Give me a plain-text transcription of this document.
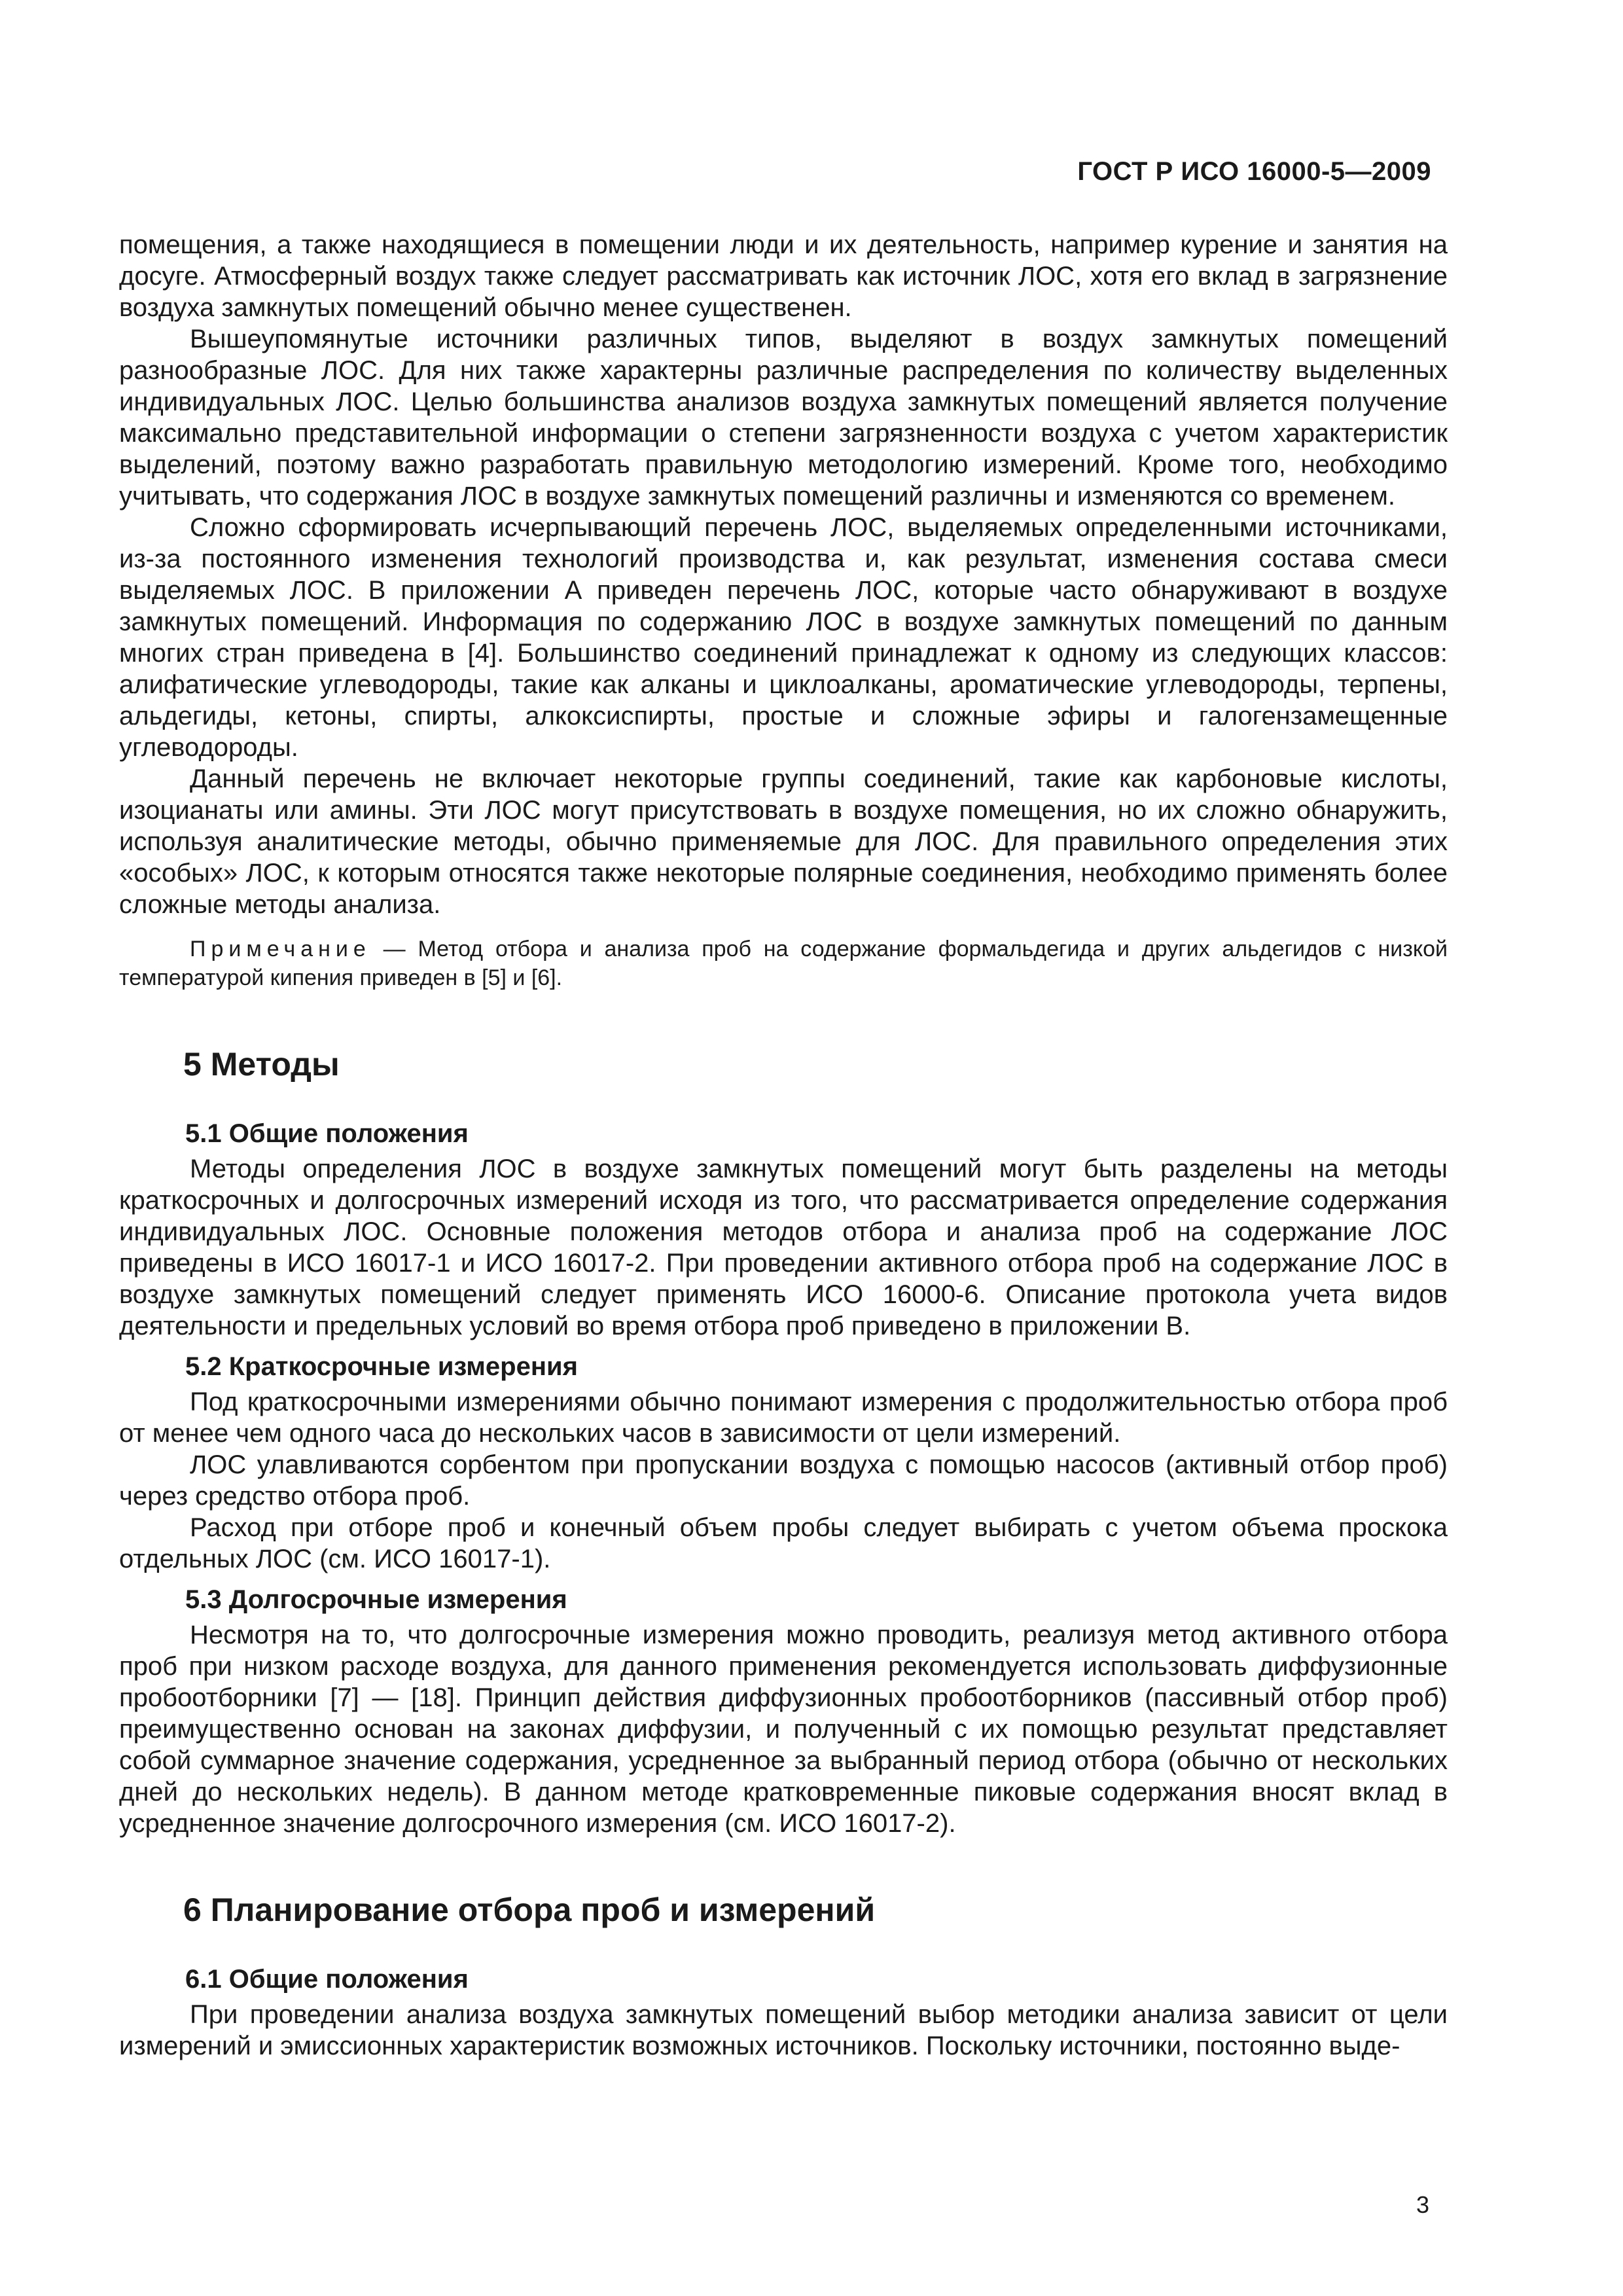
ГОСТ Р ИСО 16000-5—2009

помещения, а также находящиеся в помещении люди и их деятельность, например курение и занятия на досуге. Атмосферный воздух также следует рассматривать как источник ЛОС, хотя его вклад в загрязнение воздуха замкнутых помещений обычно менее существенен.

Вышеупомянутые источники различных типов, выделяют в воздух замкнутых помещений разнообразные ЛОС. Для них также характерны различные распределения по количеству выделенных индивидуальных ЛОС. Целью большинства анализов воздуха замкнутых помещений является получение максимально представительной информации о степени загрязненности воздуха с учетом характеристик выделений, поэтому важно разработать правильную методологию измерений. Кроме того, необходимо учитывать, что содержания ЛОС в воздухе замкнутых помещений различны и изменяются со временем.

Сложно сформировать исчерпывающий перечень ЛОС, выделяемых определенными источниками, из-за постоянного изменения технологий производства и, как результат, изменения состава смеси выделяемых ЛОС. В приложении А приведен перечень ЛОС, которые часто обнаруживают в воздухе замкнутых помещений. Информация по содержанию ЛОС в воздухе замкнутых помещений по данным многих стран приведена в [4]. Большинство соединений принадлежат к одному из следующих классов: алифатические углеводороды, такие как алканы и циклоалканы, ароматические углеводороды, терпены, альдегиды, кетоны, спирты, алкоксиспирты, простые и сложные эфиры и галогензамещенные углеводороды.

Данный перечень не включает некоторые группы соединений, такие как карбоновые кислоты, изоцианаты или амины. Эти ЛОС могут присутствовать в воздухе помещения, но их сложно обнаружить, используя аналитические методы, обычно применяемые для ЛОС. Для правильного определения этих «особых» ЛОС, к которым относятся также некоторые полярные соединения, необходимо применять более сложные методы анализа.

Примечание — Метод отбора и анализа проб на содержание формальдегида и других альдегидов с низкой температурой кипения приведен в [5] и [6].

5 Методы
5.1 Общие положения

Методы определения ЛОС в воздухе замкнутых помещений могут быть разделены на методы краткосрочных и долгосрочных измерений исходя из того, что рассматривается определение содержания индивидуальных ЛОС. Основные положения методов отбора и анализа проб на содержание ЛОС приведены в ИСО 16017-1 и ИСО 16017-2. При проведении активного отбора проб на содержание ЛОС в воздухе замкнутых помещений следует применять ИСО 16000-6. Описание протокола учета видов деятельности и предельных условий во время отбора проб приведено в приложении В.

5.2 Краткосрочные измерения

Под краткосрочными измерениями обычно понимают измерения с продолжительностью отбора проб от менее чем одного часа до нескольких часов в зависимости от цели измерений.

ЛОС улавливаются сорбентом при пропускании воздуха с помощью насосов (активный отбор проб) через средство отбора проб.

Расход при отборе проб и конечный объем пробы следует выбирать с учетом объема проскока отдельных ЛОС (см. ИСО 16017-1).

5.3 Долгосрочные измерения

Несмотря на то, что долгосрочные измерения можно проводить, реализуя метод активного отбора проб при низком расходе воздуха, для данного применения рекомендуется использовать диффузионные пробоотборники [7] — [18]. Принцип действия диффузионных пробоотборников (пассивный отбор проб) преимущественно основан на законах диффузии, и полученный с их помощью результат представляет собой суммарное значение содержания, усредненное за выбранный период отбора (обычно от нескольких дней до нескольких недель). В данном методе кратковременные пиковые содержания вносят вклад в усредненное значение долгосрочного измерения (см. ИСО 16017-2).

6 Планирование отбора проб и измерений
6.1 Общие положения

При проведении анализа воздуха замкнутых помещений выбор методики анализа зависит от цели измерений и эмиссионных характеристик возможных источников. Поскольку источники, постоянно выде-

3
